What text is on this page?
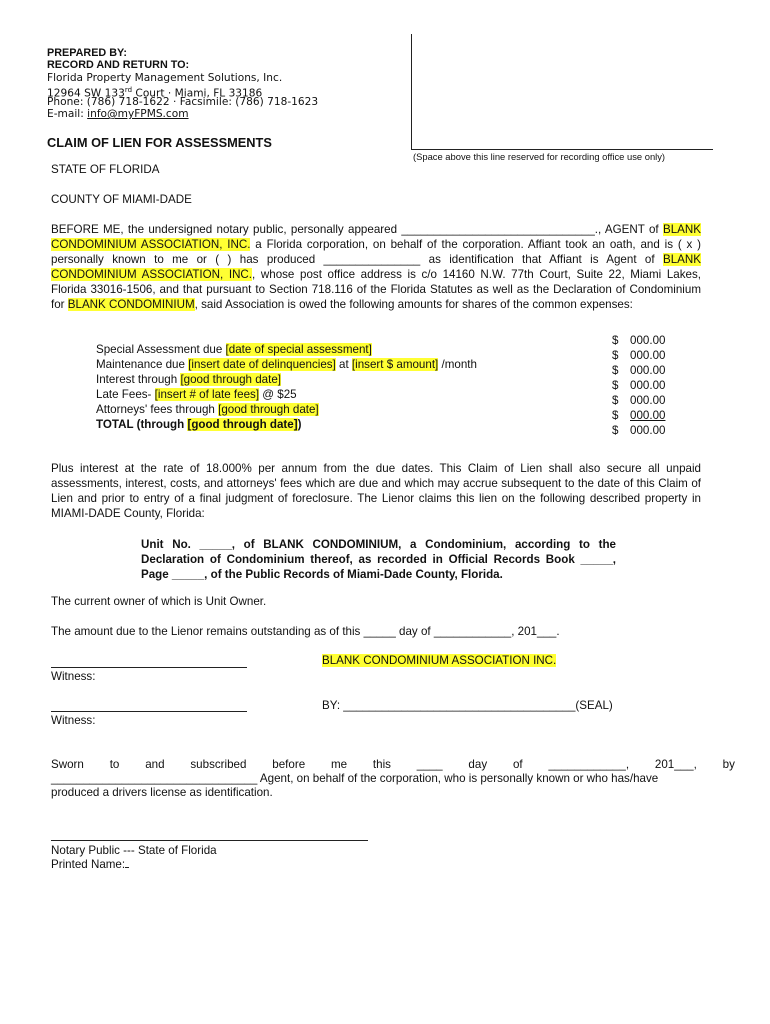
PREPARED BY:
RECORD AND RETURN TO:
Florida Property Management Solutions, Inc.
12964 SW 133rd Court · Miami, FL 33186
Phone: (786) 718-1622 · Facsimile: (786) 718-1623
E-mail: info@myFPMS.com
(Space above this line reserved for recording office use only)
CLAIM OF LIEN FOR ASSESSMENTS
STATE OF FLORIDA
COUNTY OF MIAMI-DADE
BEFORE ME, the undersigned notary public, personally appeared ______________________________., AGENT of BLANK CONDOMINIUM ASSOCIATION, INC. a Florida corporation, on behalf of the corporation. Affiant took an oath, and is ( x ) personally known to me or ( ) has produced _______________ as identification that Affiant is Agent of BLANK CONDOMINIUM ASSOCIATION, INC., whose post office address is c/o 14160 N.W. 77th Court, Suite 22, Miami Lakes, Florida 33016-1506, and that pursuant to Section 718.116 of the Florida Statutes as well as the Declaration of Condominium for BLANK CONDOMINIUM, said Association is owed the following amounts for shares of the common expenses:
Special Assessment due [date of special assessment]
Maintenance due [insert date of delinquencies] at [insert $ amount] /month
Interest through [good through date]
Late Fees- [insert # of late fees] @ $25
Attorneys' fees through [good through date]
TOTAL (through [good through date])
$ 000.00
$ 000.00
$ 000.00
$ 000.00
$ 000.00
$ 000.00
$ 000.00
Plus interest at the rate of 18.000% per annum from the due dates. This Claim of Lien shall also secure all unpaid assessments, interest, costs, and attorneys' fees which are due and which may accrue subsequent to the date of this Claim of Lien and prior to entry of a final judgment of foreclosure. The Lienor claims this lien on the following described property in MIAMI-DADE County, Florida:
Unit No. _____, of BLANK CONDOMINIUM, a Condominium, according to the Declaration of Condominium thereof, as recorded in Official Records Book _____, Page _____, of the Public Records of Miami-Dade County, Florida.
The current owner of which is Unit Owner.
The amount due to the Lienor remains outstanding as of this _____ day of ____________, 201___.
Witness:
BLANK CONDOMINIUM ASSOCIATION INC.
Witness:
BY: ____________________________________(SEAL)
Sworn to and subscribed before me this ____ day of ____________, 201___, by
________________________________ Agent, on behalf of the corporation, who is personally known or who has/have
produced a drivers license as identification.
Notary Public --- State of Florida
Printed Name:
